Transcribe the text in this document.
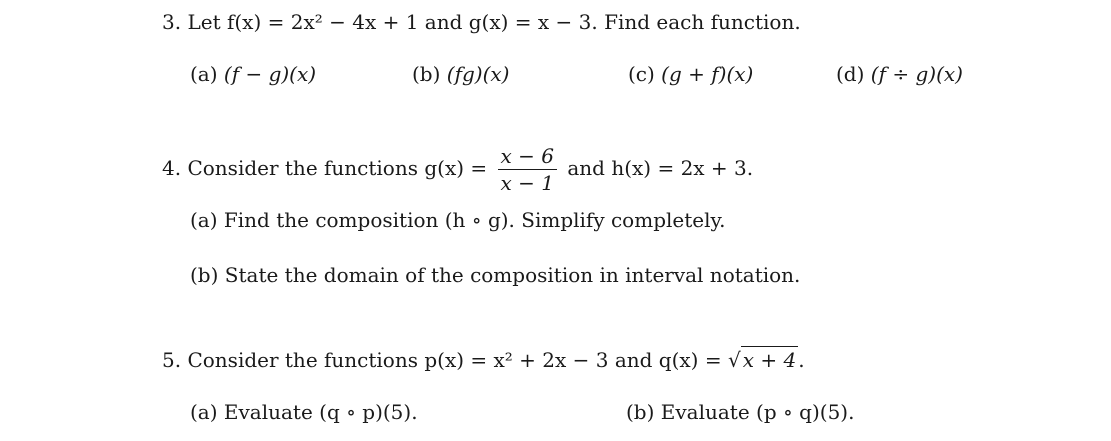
3. Let f(x) = 2x² − 4x + 1 and g(x) = x − 3. Find each function.
(a) (f − g)(x)	(b) (fg)(x)	(c) (g + f)(x)	(d) (f ÷ g)(x)
4. Consider the functions $g(x) = \frac{x - 6}{x - 1}$ and h(x) = 2x + 3.
(a) Find the composition (h ∘ g). Simplify completely.
(b) State the domain of the composition in interval notation.
5. Consider the functions p(x) = x² + 2x − 3 and q(x) = √ x + 4 .
(a) Evaluate (q ∘ p)(5).	(b) Evaluate (p ∘ q)(5).
